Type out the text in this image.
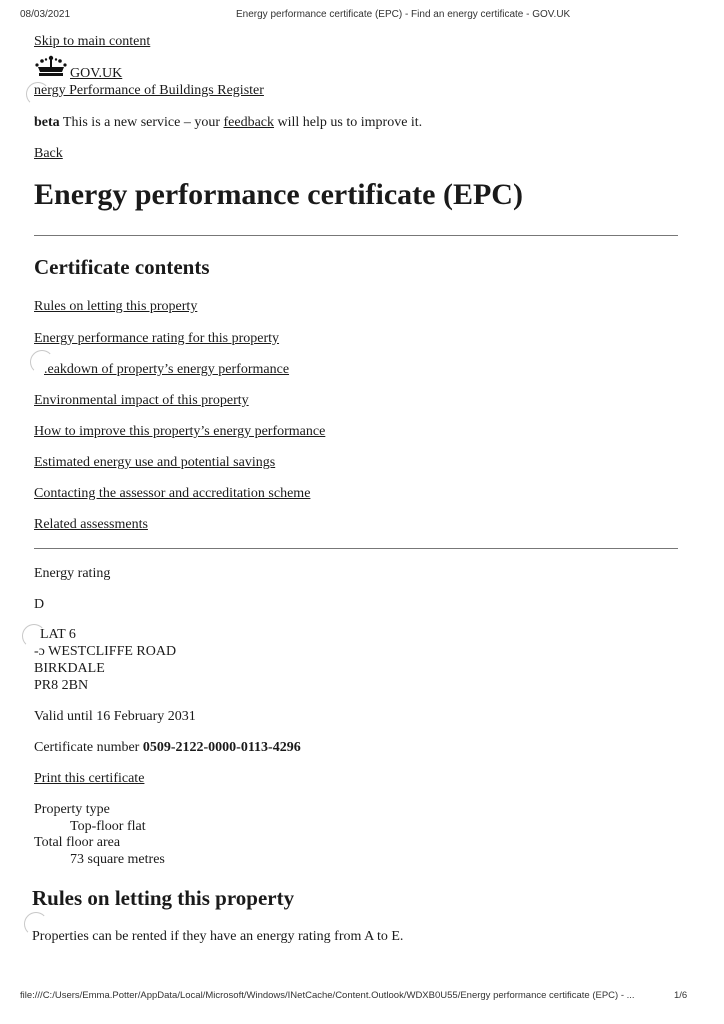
08/03/2021	Energy performance certificate (EPC) - Find an energy certificate - GOV.UK
Skip to main content
GOV.UK
nergy Performance of Buildings Register
beta This is a new service – your feedback will help us to improve it.
Back
Energy performance certificate (EPC)
Certificate contents
Rules on letting this property
Energy performance rating for this property
.eakdown of property’s energy performance
Environmental impact of this property
How to improve this property’s energy performance
Estimated energy use and potential savings
Contacting the assessor and accreditation scheme
Related assessments
Energy rating
D
LAT 6
-ɔ WESTCLIFFE ROAD
BIRKDALE
PR8 2BN
Valid until 16 February 2031
Certificate number 0509-2122-0000-0113-4296
Print this certificate
Property type
Top-floor flat
Total floor area
73 square metres
Rules on letting this property
Properties can be rented if they have an energy rating from A to E.
file:///C:/Users/Emma.Potter/AppData/Local/Microsoft/Windows/INetCache/Content.Outlook/WDXB0U55/Energy performance certificate (EPC) - ...	1/6
